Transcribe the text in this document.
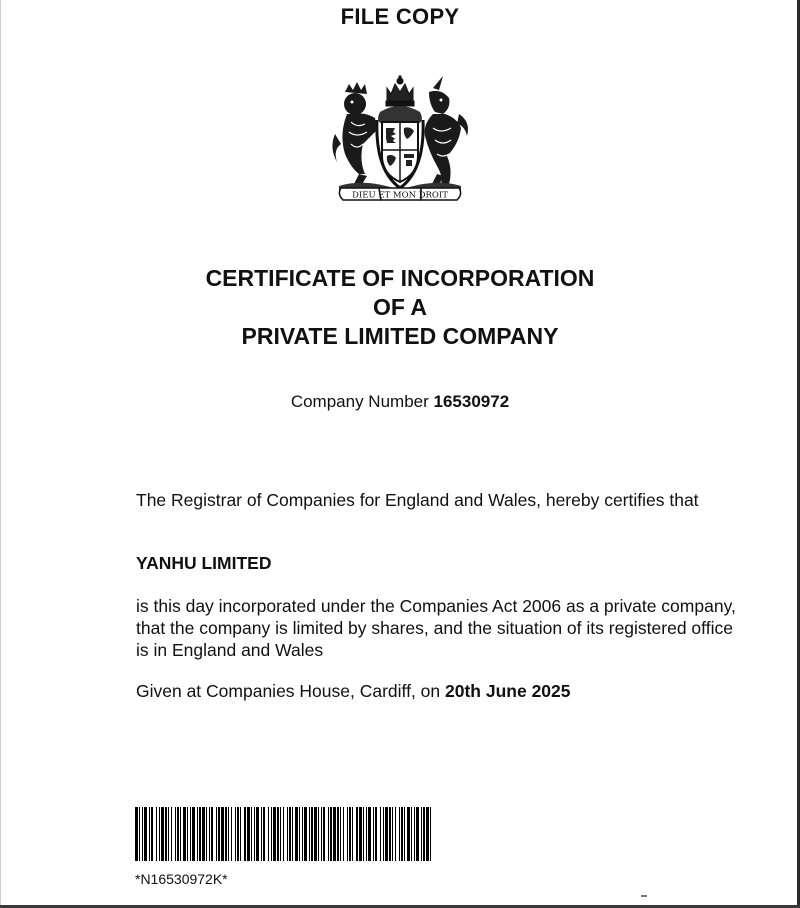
FILE COPY
DIEU ET MON DROIT
CERTIFICATE OF INCORPORATION
OF A
PRIVATE LIMITED COMPANY
Company Number 16530972
The Registrar of Companies for England and Wales, hereby certifies that
YANHU LIMITED
is this day incorporated under the Companies Act 2006 as a private company, that the company is limited by shares, and the situation of its registered office is in England and Wales
Given at Companies House, Cardiff, on 20th June 2025
*N16530972K*
